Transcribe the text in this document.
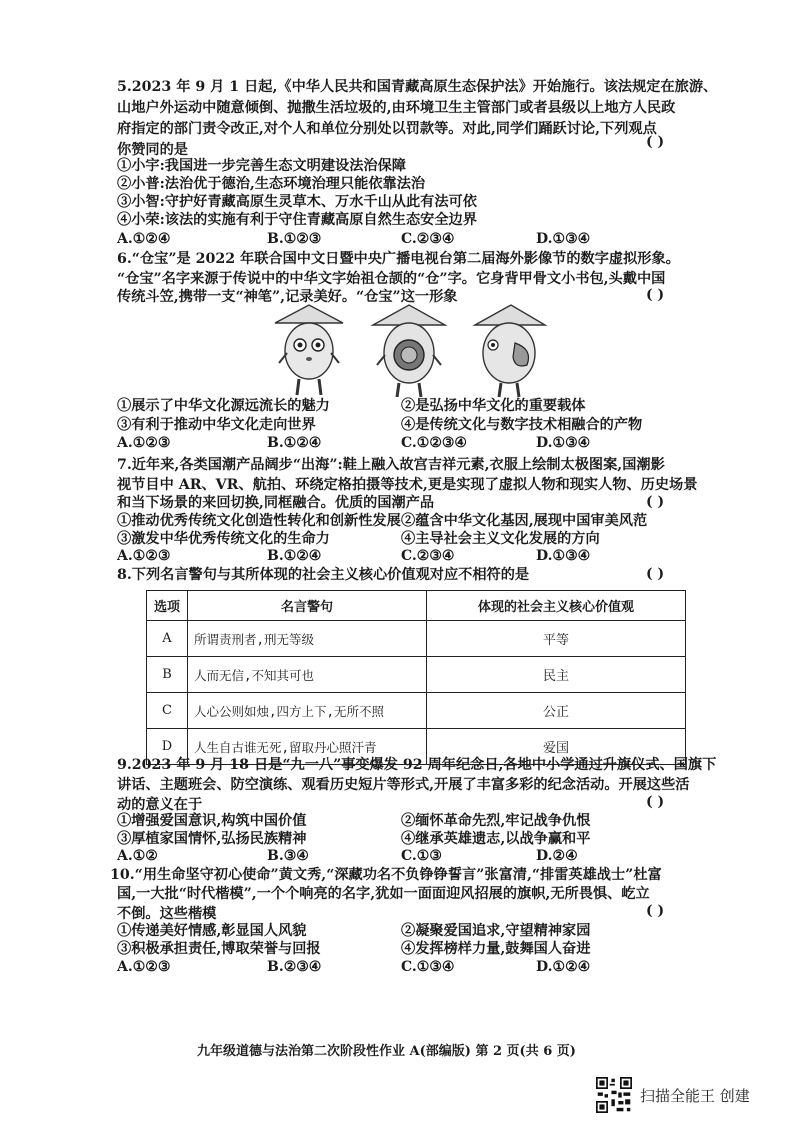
5.2023 年 9 月 1 日起,《中华人民共和国青藏高原生态保护法》开始施行。该法规定在旅游、
山地户外运动中随意倾倒、抛撒生活垃圾的,由环境卫生主管部门或者县级以上地方人民政
府指定的部门责令改正,对个人和单位分别处以罚款等。对此,同学们踊跃讨论,下列观点
你赞同的是	( )
①小宇:我国进一步完善生态文明建设法治保障
②小普:法治优于德治,生态环境治理只能依靠法治
③小智:守护好青藏高原生灵草木、万水千山从此有法可依
④小荣:该法的实施有利于守住青藏高原自然生态安全边界
A.①②④	B.①②③	C.②③④	D.①③④
6.“仓宝”是 2022 年联合国中文日暨中央广播电视台第二届海外影像节的数字虚拟形象。
“仓宝”名字来源于传说中的中华文字始祖仓颉的“仓”字。它身背甲骨文小书包,头戴中国
传统斗笠,携带一支“神笔”,记录美好。“仓宝”这一形象	( )
①展示了中华文化源远流长的魅力	②是弘扬中华文化的重要载体
③有利于推动中华文化走向世界	④是传统文化与数字技术相融合的产物
A.①②③	B.①②④	C.①②③④	D.①③④
7.近年来,各类国潮产品阔步“出海”:鞋上融入故宫吉祥元素,衣服上绘制太极图案,国潮影
视节目中 AR、VR、航拍、环绕定格拍摄等技术,更是实现了虚拟人物和现实人物、历史场景
和当下场景的来回切换,同框融合。优质的国潮产品	( )
①推动优秀传统文化创造性转化和创新性发展 ②蕴含中华文化基因,展现中国审美风范
③激发中华优秀传统文化的生命力	④主导社会主义文化发展的方向
A.①②③	B.①②④	C.②③④	D.①③④
8.下列名言警句与其所体现的社会主义核心价值观对应不相符的是	( )
选项	名言警句	体现的社会主义核心价值观
A	所谓责刑者,刑无等级	平等
B	人而无信,不知其可也	民主
C	人心公则如烛,四方上下,无所不照	公正
D	人生自古谁无死,留取丹心照汗青	爱国
9.2023 年 9 月 18 日是“九一八”事变爆发 92 周年纪念日,各地中小学通过升旗仪式、国旗下
讲话、主题班会、防空演练、观看历史短片等形式,开展了丰富多彩的纪念活动。开展这些活
动的意义在于	( )
①增强爱国意识,构筑中国价值	②缅怀革命先烈,牢记战争仇恨
③厚植家国情怀,弘扬民族精神	④继承英雄遗志,以战争赢和平
A.①②	B.③④	C.①③	D.②④
10.“用生命坚守初心使命”黄文秀,“深藏功名不负铮铮誓言”张富清,“排雷英雄战士”杜富
国,一大批“时代楷模”,一个个响亮的名字,犹如一面面迎风招展的旗帜,无所畏惧、屹立
不倒。这些楷模	( )
①传递美好情感,彰显国人风貌	②凝聚爱国追求,守望精神家园
③积极承担责任,博取荣誉与回报	④发挥榜样力量,鼓舞国人奋进
A.①②③	B.②③④	C.①③④	D.①②④
九年级道德与法治第二次阶段性作业 A(部编版) 第 2 页(共 6 页)
扫描全能王 创建
